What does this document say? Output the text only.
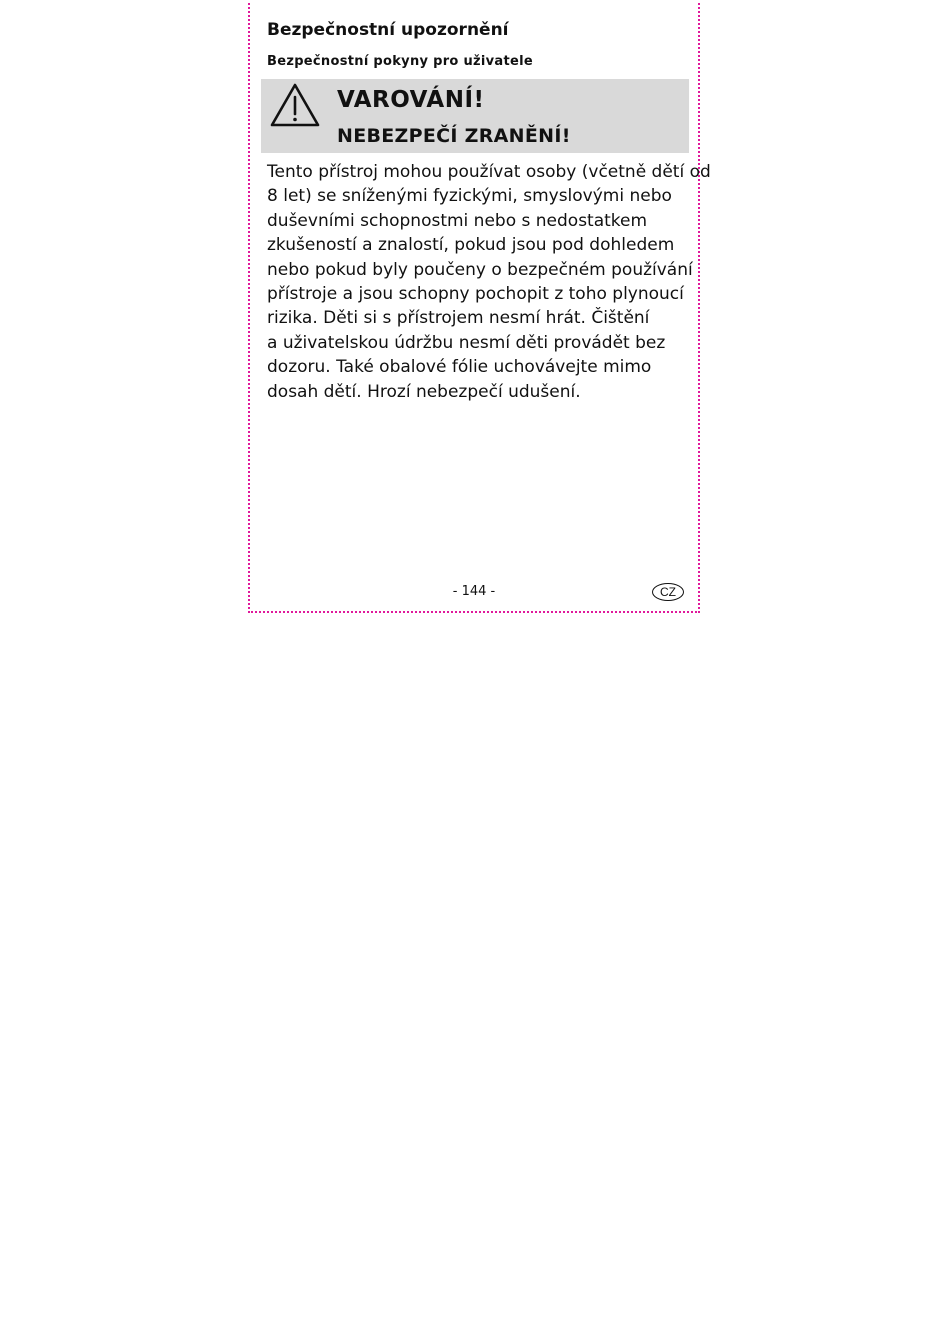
Bezpečnostní upozornění
Bezpečnostní pokyny pro uživatele
VAROVÁNÍ!
NEBEZPEČÍ ZRANĚNÍ!

Tento přístroj mohou používat osoby (včetně dětí od
8 let) se sníženými fyzickými, smyslovými nebo
duševními schopnostmi nebo s nedostatkem
zkušeností a znalostí, pokud jsou pod dohledem
nebo pokud byly poučeny o bezpečném používání
přístroje a jsou schopny pochopit z toho plynoucí
rizika. Děti si s přístrojem nesmí hrát. Čištění
a uživatelskou údržbu nesmí děti provádět bez
dozoru. Také obalové fólie uchovávejte mimo
dosah dětí. Hrozí nebezpečí udušení.

- 144 -	CZ
